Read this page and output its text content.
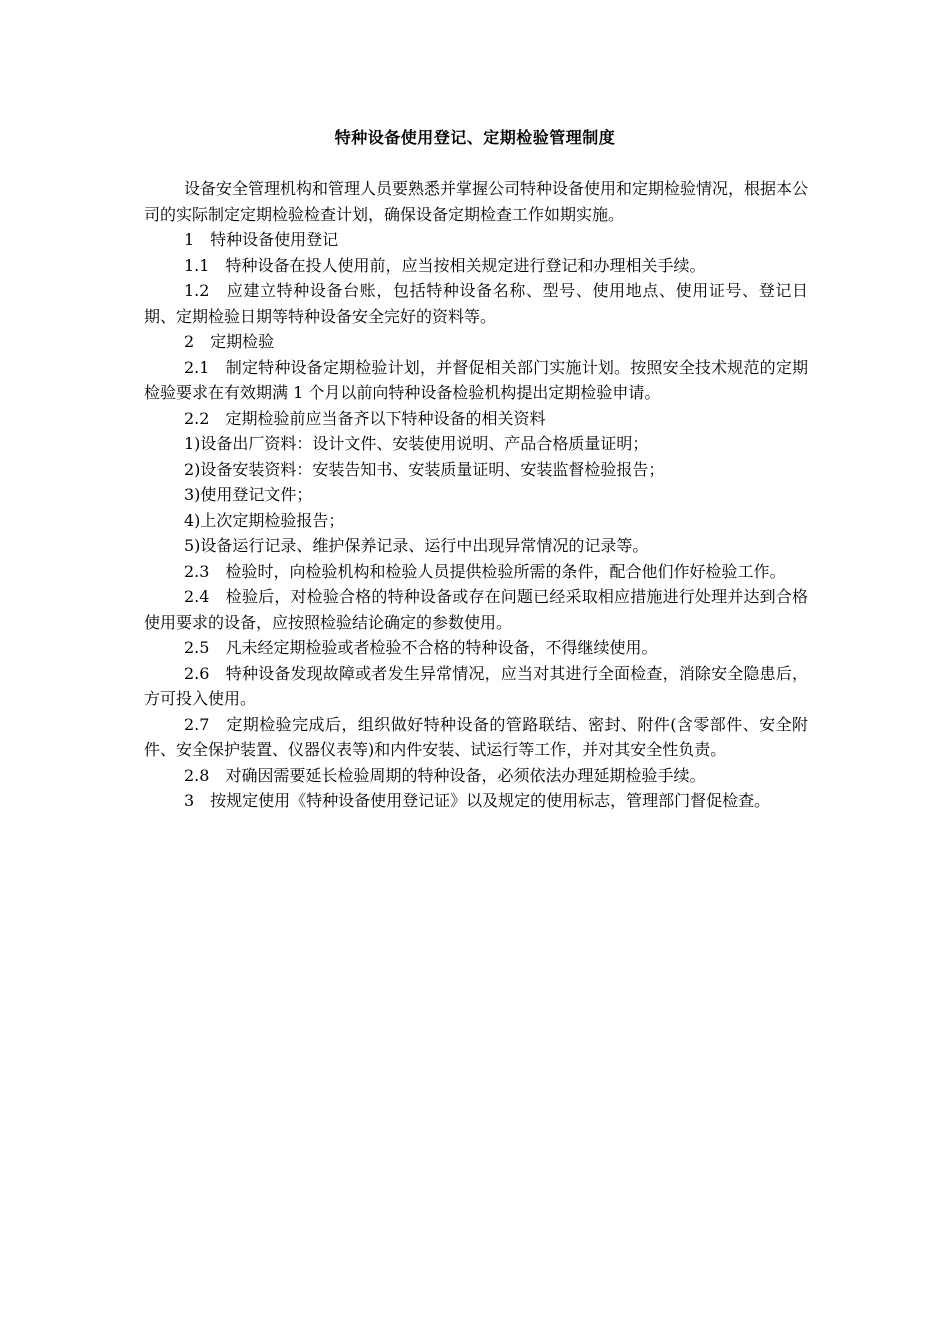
特种设备使用登记、定期检验管理制度

设备安全管理机构和管理人员要熟悉并掌握公司特种设备使用和定期检验情况，根据本公司的实际制定定期检验检查计划，确保设备定期检查工作如期实施。

1　特种设备使用登记

1.1　特种设备在投人使用前，应当按相关规定进行登记和办理相关手续。

1.2　应建立特种设备台账，包括特种设备名称、型号、使用地点、使用证号、登记日期、定期检验日期等特种设备安全完好的资料等。

2　定期检验

2.1　制定特种设备定期检验计划，并督促相关部门实施计划。按照安全技术规范的定期检验要求在有效期满 1 个月以前向特种设备检验机构提出定期检验申请。

2.2　定期检验前应当备齐以下特种设备的相关资料

1)设备出厂资料：设计文件、安装使用说明、产品合格质量证明；

2)设备安装资料：安装告知书、安装质量证明、安装监督检验报告；

3)使用登记文件；

4)上次定期检验报告；

5)设备运行记录、维护保养记录、运行中出现异常情况的记录等。

2.3　检验时，向检验机构和检验人员提供检验所需的条件，配合他们作好检验工作。

2.4　检验后，对检验合格的特种设备或存在问题已经采取相应措施进行处理并达到合格使用要求的设备，应按照检验结论确定的参数使用。

2.5　凡未经定期检验或者检验不合格的特种设备，不得继续使用。

2.6　特种设备发现故障或者发生异常情况，应当对其进行全面检查，消除安全隐患后，方可投入使用。

2.7　定期检验完成后，组织做好特种设备的管路联结、密封、附件(含零部件、安全附件、安全保护装置、仪器仪表等)和内件安装、试运行等工作，并对其安全性负责。

2.8　对确因需要延长检验周期的特种设备，必须依法办理延期检验手续。

3　按规定使用《特种设备使用登记证》以及规定的使用标志，管理部门督促检查。
